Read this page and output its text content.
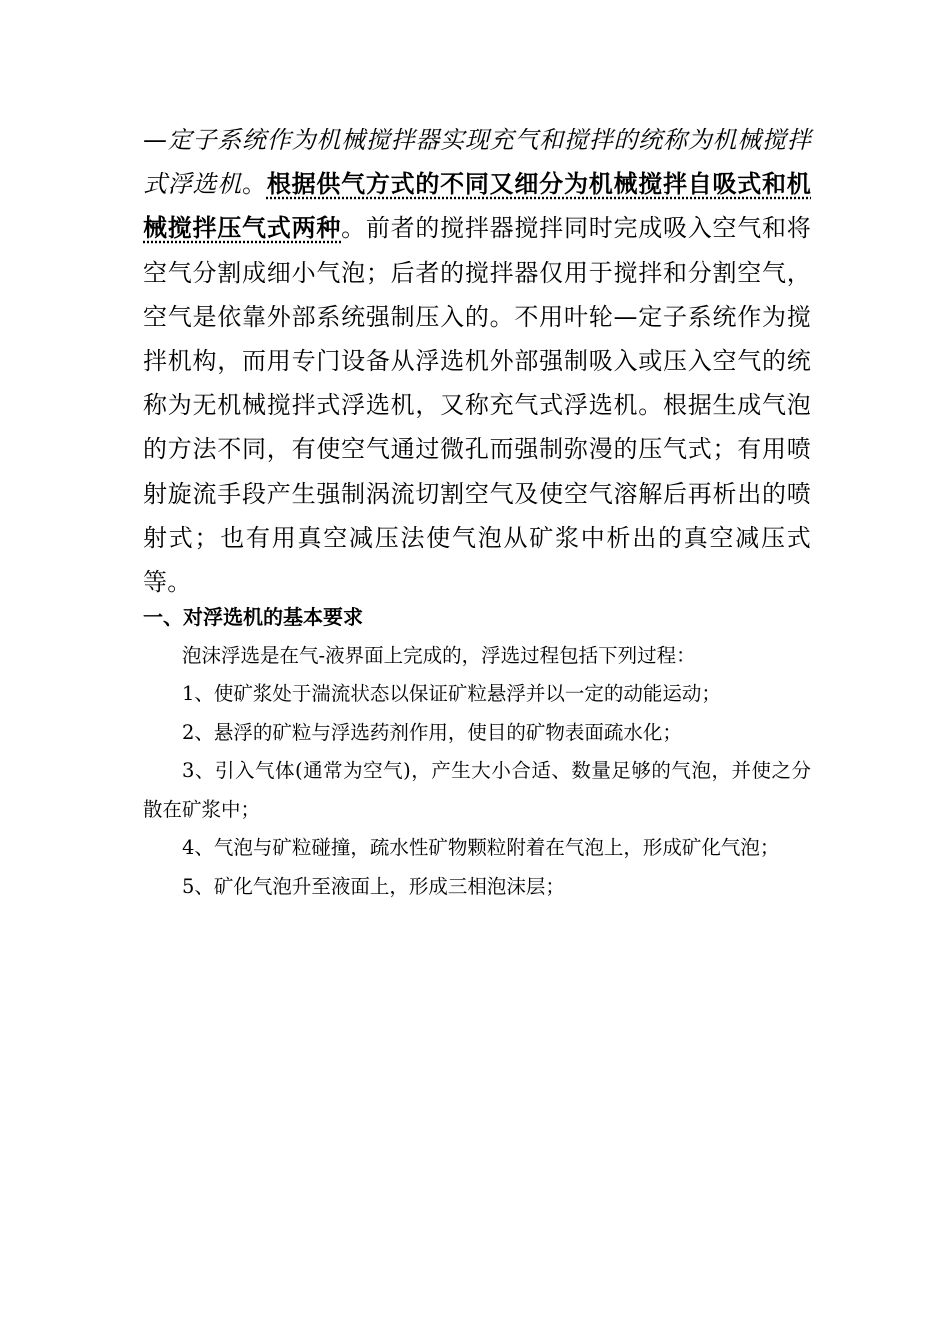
—定子系统作为机械搅拌器实现充气和搅拌的统称为机械搅拌式浮选机。根据供气方式的不同又细分为机械搅拌自吸式和机械搅拌压气式两种。前者的搅拌器搅拌同时完成吸入空气和将空气分割成细小气泡；后者的搅拌器仅用于搅拌和分割空气，空气是依靠外部系统强制压入的。不用叶轮—定子系统作为搅拌机构，而用专门设备从浮选机外部强制吸入或压入空气的统称为无机械搅拌式浮选机，又称充气式浮选机。根据生成气泡的方法不同，有使空气通过微孔而强制弥漫的压气式；有用喷射旋流手段产生强制涡流切割空气及使空气溶解后再析出的喷射式；也有用真空减压法使气泡从矿浆中析出的真空减压式等。
一、对浮选机的基本要求

泡沫浮选是在气-液界面上完成的，浮选过程包括下列过程：

1、使矿浆处于湍流状态以保证矿粒悬浮并以一定的动能运动；

2、悬浮的矿粒与浮选药剂作用，使目的矿物表面疏水化；

3、引入气体(通常为空气)，产生大小合适、数量足够的气泡，并使之分散在矿浆中；

4、气泡与矿粒碰撞，疏水性矿物颗粒附着在气泡上，形成矿化气泡；

5、矿化气泡升至液面上，形成三相泡沫层；
